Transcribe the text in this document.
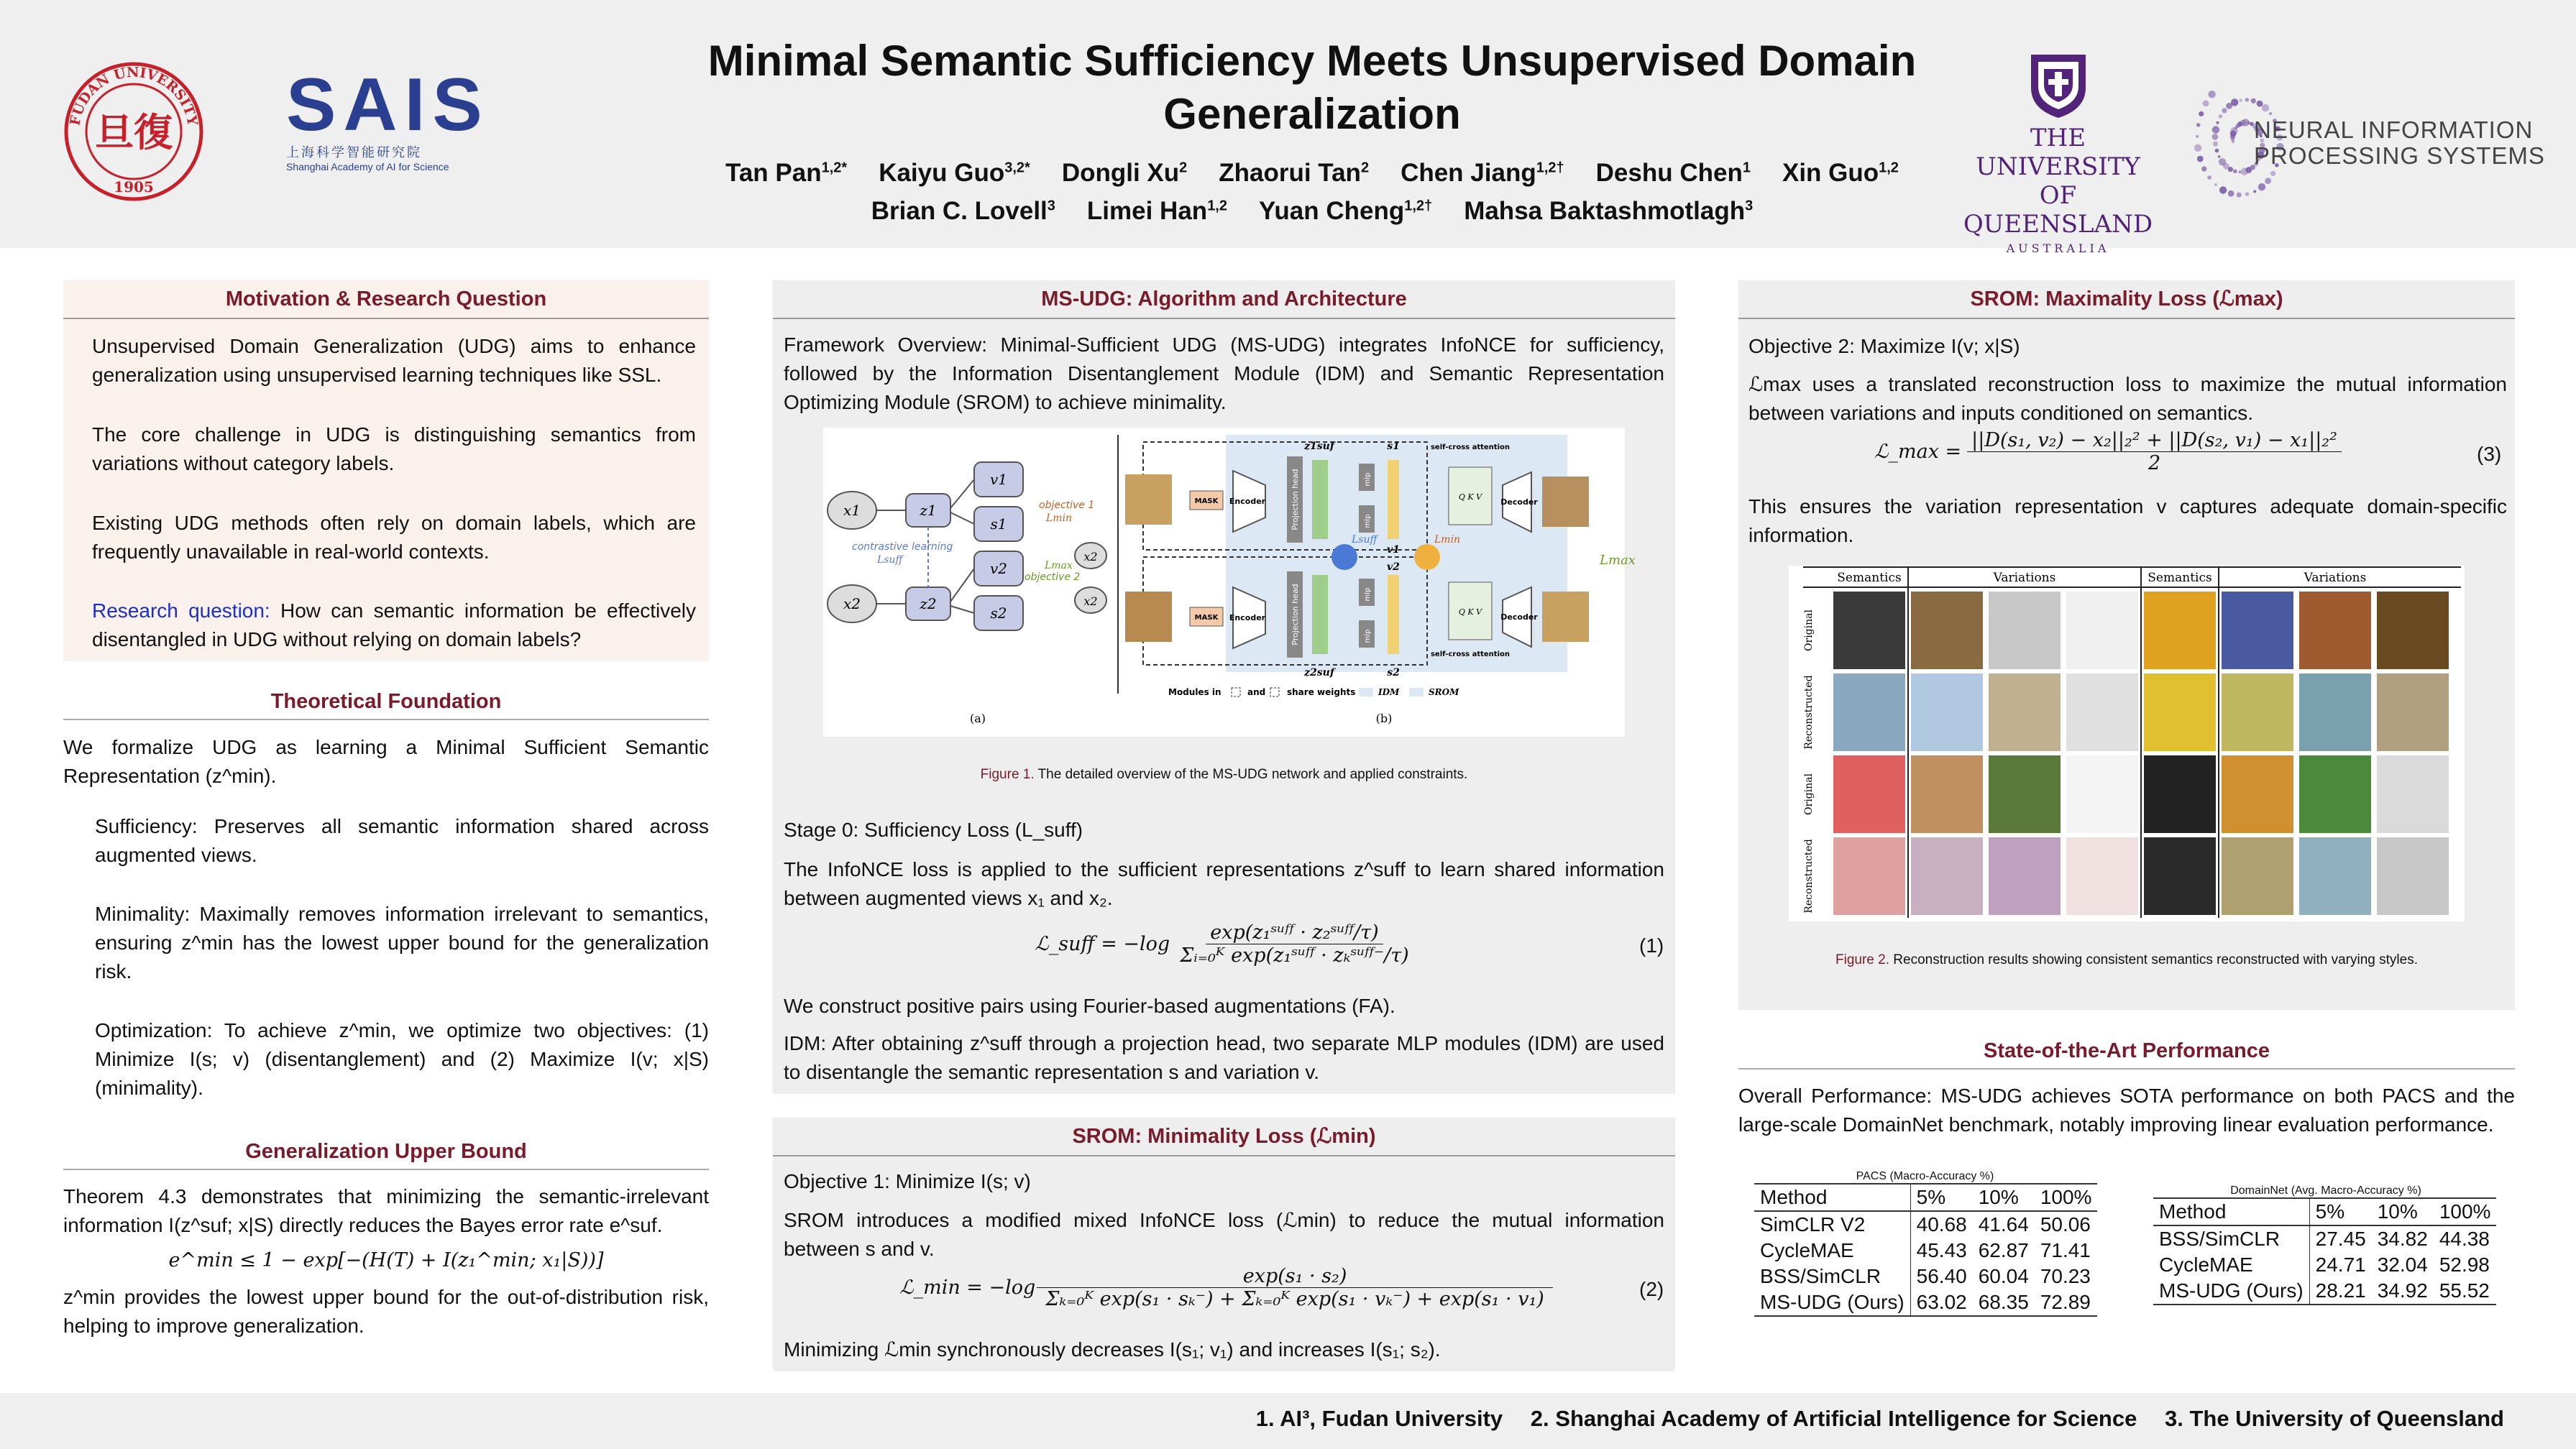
FUDAN UNIVERSITY
旦復
1905
SAIS
上海科学智能研究院
Shanghai Academy of AI for Science
Minimal Semantic Sufficiency Meets Unsupervised Domain
Generalization
Tan Pan$^{1,2*}$ Kaiyu Guo$^{3,2*}$ Dongli Xu$^2$ Zhaorui Tan$^2$ Chen Jiang$^{1,2\dagger}$ Deshu Chen$^1$ Xin Guo$^{1,2}$
Brian C. Lovell$^3$ Limei Han$^{1,2}$ Yuan Cheng$^{1,2\dagger}$ Mahsa Baktashmotlagh$^3$
THE UNIVERSITY
OF QUEENSLAND
AUSTRALIA
NEURAL INFORMATION
PROCESSING SYSTEMS
Motivation & Research Question
Unsupervised Domain Generalization (UDG) aims to enhance generalization using unsupervised learning techniques like SSL.
The core challenge in UDG is distinguishing semantics from variations without category labels.
Existing UDG methods often rely on domain labels, which are frequently unavailable in real-world contexts.
Research question: How can semantic information be effectively disentangled in UDG without relying on domain labels?
Theoretical Foundation
We formalize UDG as learning a Minimal Sufficient Semantic Representation (z^min).
Sufficiency: Preserves all semantic information shared across augmented views.
Minimality: Maximally removes information irrelevant to semantics, ensuring z^min has the lowest upper bound for the generalization risk.
Optimization: To achieve z^min, we optimize two objectives: (1) Minimize I(s; v) (disentanglement) and (2) Maximize I(v; x|S) (minimality).
Generalization Upper Bound
Theorem 4.3 demonstrates that minimizing the semantic-irrelevant information I(z^suf; x|S) directly reduces the Bayes error rate e^suf.
e^min ≤ 1 − exp[−(H(T) + I(z₁^min; x₁|S))]
z^min provides the lowest upper bound for the out-of-distribution risk, helping to improve generalization.
MS-UDG: Algorithm and Architecture
Framework Overview: Minimal-Sufficient UDG (MS-UDG) integrates InfoNCE for sufficiency, followed by the Information Disentanglement Module (IDM) and Semantic Representation Optimizing Module (SROM) to achieve minimality.
x1
x2
z1
z2
contrastive learning
Lsuff
v1
s1
v2
s2
objective 1
Lmin
Lmax
objective 2
x2
x2
(a)
MASK
MASK
Encoder
Encoder
Projection head
Projection head
z1suf
z2suf
Lsuff
mlp
mlp
mlp
mlp
s1
s2
v1
v2
Lmin
self-cross attention
Q K V
Q K V
self-cross attention
Decoder
Decoder
Lmax
Modules in	and share weights	IDM	SROM
(b)
Figure 1. The detailed overview of the MS-UDG network and applied constraints.
Stage 0: Sufficiency Loss (L_suff)
The InfoNCE loss is applied to the sufficient representations z^suff to learn shared information between augmented views x₁ and x₂.
ℒ_suff = −log
exp(z₁ˢᵘᶠᶠ · z₂ˢᵘᶠᶠ/τ)
Σᵢ₌₀ᴷ exp(z₁ˢᵘᶠᶠ · zₖˢᵘᶠᶠ⁻/τ)	(1)
We construct positive pairs using Fourier-based augmentations (FA).
IDM: After obtaining z^suff through a projection head, two separate MLP modules (IDM) are used to disentangle the semantic representation s and variation v.
SROM: Minimality Loss (ℒmin)
Objective 1: Minimize I(s; v)
SROM introduces a modified mixed InfoNCE loss (ℒmin) to reduce the mutual information between s and v.
ℒ_min = $-\log \frac{\text{exp(s₁ · s₂)}}{\text{Σₖ₌₀ᴷ exp(s₁ · sₖ⁻) + Σₖ₌₀ᴷ exp(s₁ · vₖ⁻) + exp(s₁ · v₁)}}$	(2)
Minimizing ℒmin synchronously decreases I(s₁; v₁) and increases I(s₁; s₂).
SROM: Maximality Loss (ℒmax)
Objective 2: Maximize I(v; x|S)
ℒmax uses a translated reconstruction loss to maximize the mutual information between variations and inputs conditioned on semantics.
ℒ_max = $\frac{\text{||D(s₁, v₂) − x₂||₂² + ||D(s₂, v₁) − x₁||₂²}}{2}$	(3)
This ensures the variation representation v captures adequate domain-specific information.
Semantics	Variations	Semantics	Variations
Original
Reconstructed
Original
Reconstructed
Figure 2. Reconstruction results showing consistent semantics reconstructed with varying styles.
State-of-the-Art Performance
Overall Performance: MS-UDG achieves SOTA performance on both PACS and the large-scale DomainNet benchmark, notably improving linear evaluation performance.
PACS (Macro-Accuracy %)
Method	5%	10%	100%
SimCLR V2	40.68	41.64	50.06
CycleMAE	45.43	62.87	71.41
BSS/SimCLR	56.40	60.04	70.23
MS-UDG (Ours)	63.02	68.35	72.89
DomainNet (Avg. Macro-Accuracy %)
Method	5%	10%	100%
BSS/SimCLR	27.45	34.82	44.38
CycleMAE	24.71	32.04	52.98
MS-UDG (Ours)	28.21	34.92	55.52
1. AI³, Fudan University 2. Shanghai Academy of Artificial Intelligence for Science 3. The University of Queensland
